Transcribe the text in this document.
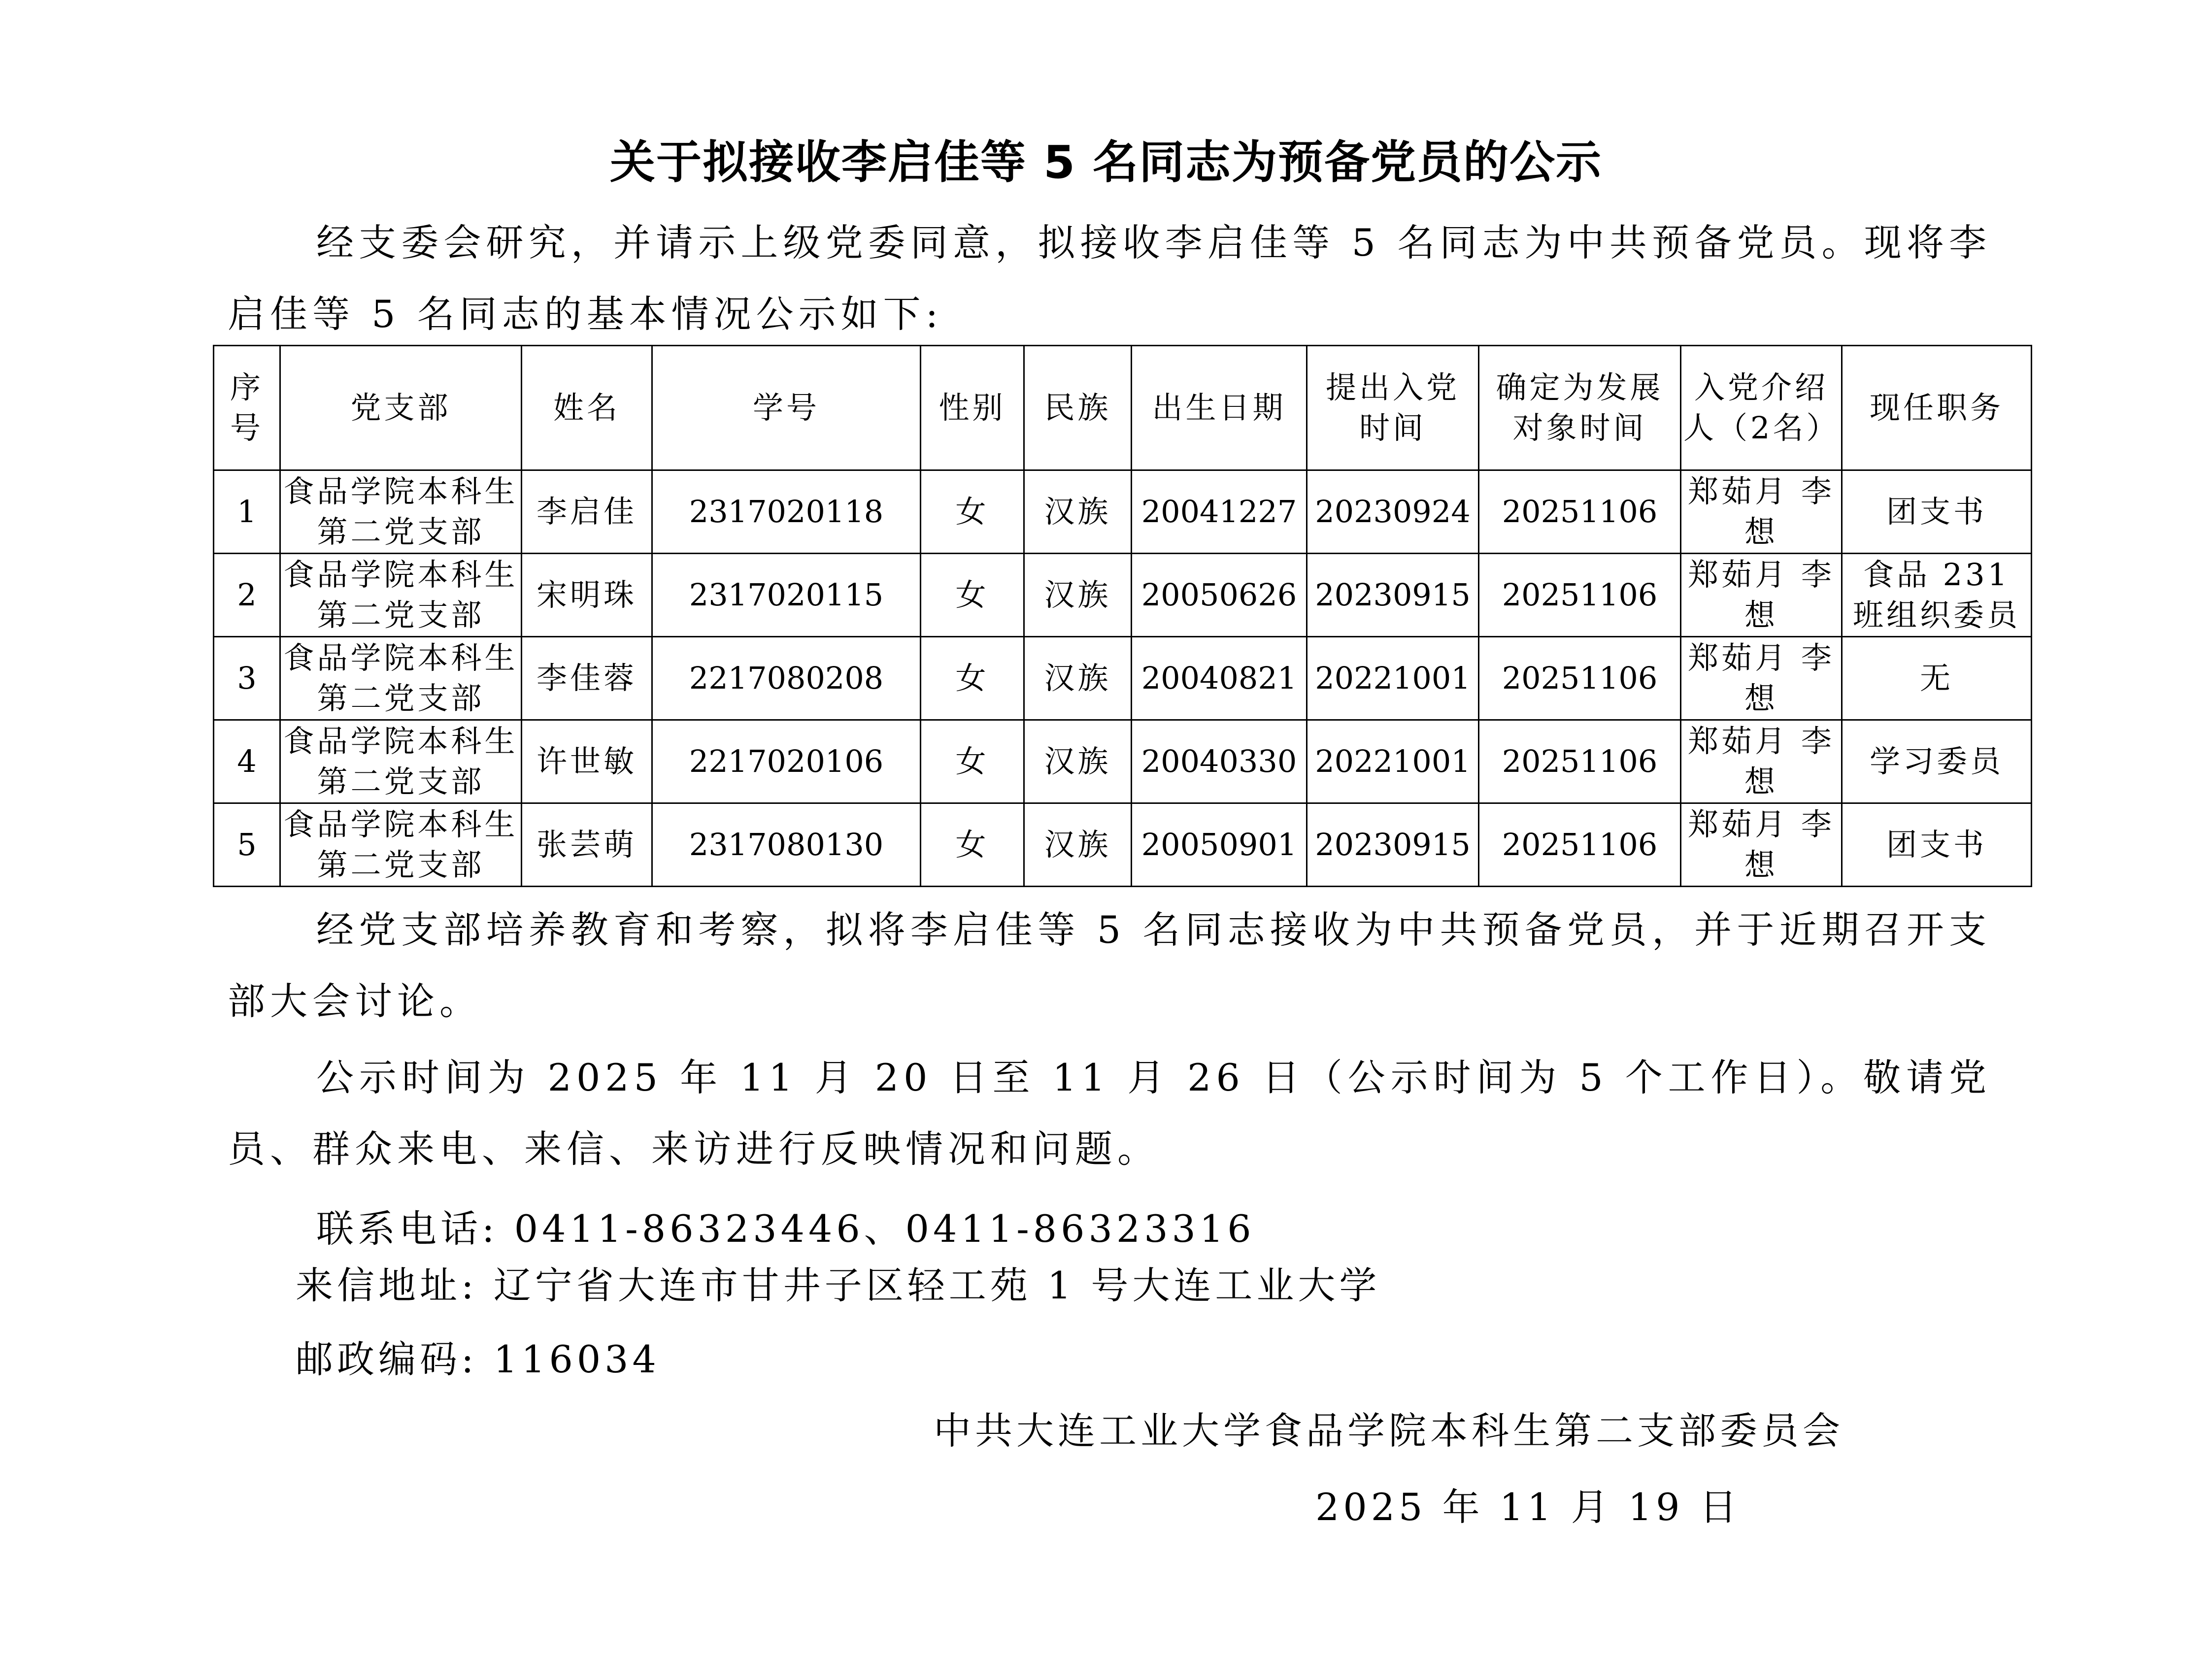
关于拟接收李启佳等 5 名同志为预备党员的公示
经支委会研究，并请示上级党委同意，拟接收李启佳等 5 名同志为中共预备党员。现将李启佳等 5 名同志的基本情况公示如下:
序号	党支部	姓名	学号	性别	民族	出生日期	提出入党时间	确定为发展对象时间	入党介绍人（2名）	现任职务
1	食品学院本科生第二党支部	李启佳	2317020118	女	汉族	20041227	20230924	20251106	郑茹月 李想	团支书
2	食品学院本科生第二党支部	宋明珠	2317020115	女	汉族	20050626	20230915	20251106	郑茹月 李想	食品 231 班组织委员
3	食品学院本科生第二党支部	李佳蓉	2217080208	女	汉族	20040821	20221001	20251106	郑茹月 李想	无
4	食品学院本科生第二党支部	许世敏	2217020106	女	汉族	20040330	20221001	20251106	郑茹月 李想	学习委员
5	食品学院本科生第二党支部	张芸萌	2317080130	女	汉族	20050901	20230915	20251106	郑茹月 李想	团支书
经党支部培养教育和考察，拟将李启佳等 5 名同志接收为中共预备党员，并于近期召开支部大会讨论。
公示时间为 2025 年 11 月 20 日至 11 月 26 日（公示时间为 5 个工作日）。敬请党员、群众来电、来信、来访进行反映情况和问题。
联系电话: 0411-86323446、0411-86323316
来信地址: 辽宁省大连市甘井子区轻工苑 1 号大连工业大学
邮政编码: 116034
中共大连工业大学食品学院本科生第二支部委员会
2025 年 11 月 19 日
